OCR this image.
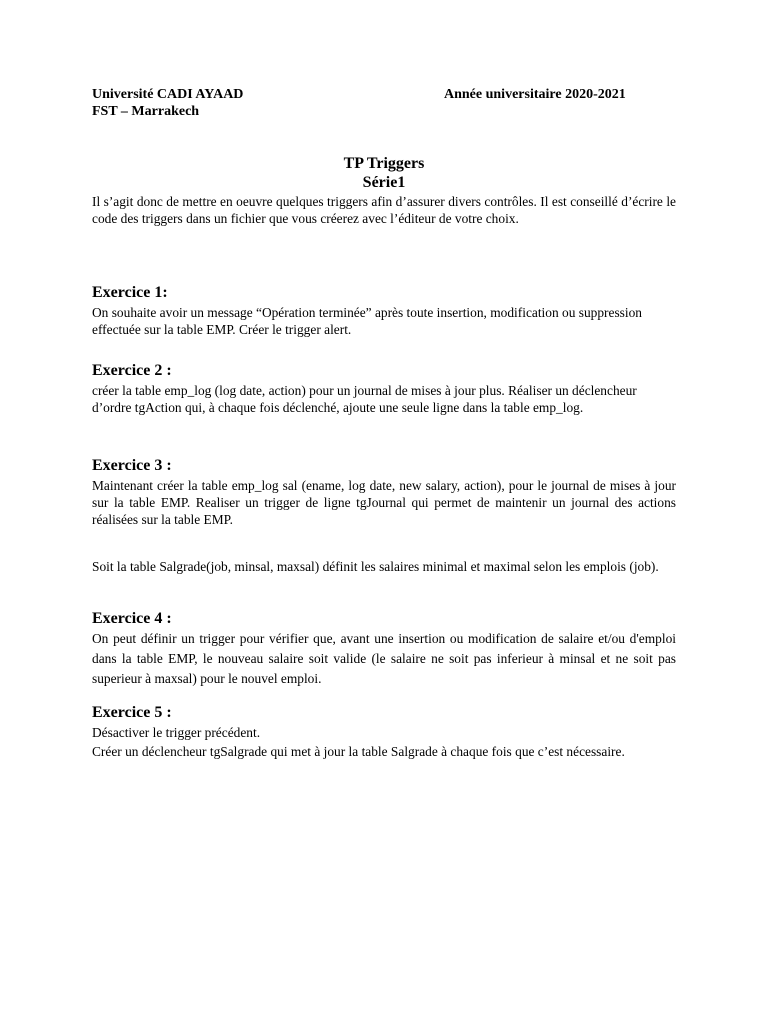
Université CADI AYAAD	Année universitaire 2020-2021
FST – Marrakech
TP Triggers
Série1
Il s’agit donc de mettre en oeuvre quelques triggers afin d’assurer divers contrôles. Il est conseillé d’écrire le code des triggers dans un fichier que vous créerez avec l’éditeur de votre choix.
Exercice 1:
On souhaite avoir un message “Opération terminée” après toute insertion, modification ou suppression effectuée sur la table EMP. Créer le trigger alert.
Exercice 2 :
créer la table emp_log (log date, action) pour un journal de mises à jour plus. Réaliser un déclencheur d’ordre tgAction qui, à chaque fois déclenché, ajoute une seule ligne dans la table emp_log.
Exercice 3 :
Maintenant créer la table emp_log sal (ename, log date, new salary, action), pour le journal de mises à jour sur la table EMP. Realiser un trigger de ligne tgJournal qui permet de maintenir un journal des actions réalisées sur la table EMP.
Soit la table Salgrade(job, minsal, maxsal) définit les salaires minimal et maximal selon les emplois (job).
Exercice 4 :
On peut définir un trigger pour vérifier que, avant une insertion ou modification de salaire et/ou d'emploi dans la table EMP, le nouveau salaire soit valide (le salaire ne soit pas inferieur à minsal et ne soit pas superieur à maxsal) pour le nouvel emploi.
Exercice 5 :
Désactiver le trigger précédent.
Créer un déclencheur tgSalgrade qui met à jour la table Salgrade à chaque fois que c’est nécessaire.
